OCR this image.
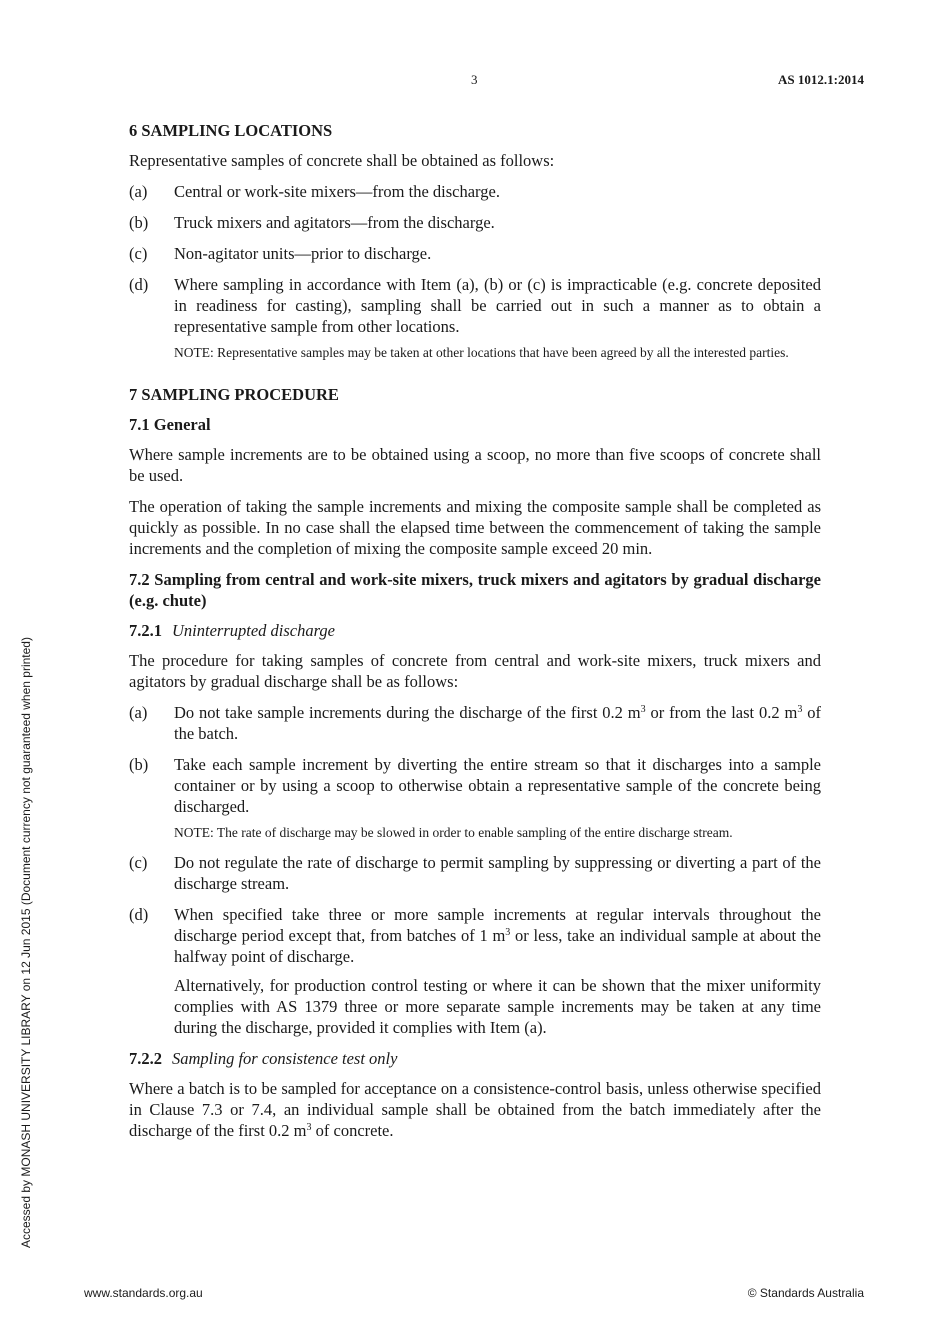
3	AS 1012.1:2014
6 SAMPLING LOCATIONS

Representative samples of concrete shall be obtained as follows:

(a)	Central or work-site mixers—from the discharge.
(b)	Truck mixers and agitators—from the discharge.
(c)	Non-agitator units—prior to discharge.
(d)	Where sampling in accordance with Item (a), (b) or (c) is impracticable (e.g. concrete deposited in readiness for casting), sampling shall be carried out in such a manner as to obtain a representative sample from other locations.
NOTE: Representative samples may be taken at other locations that have been agreed by all the interested parties.
7 SAMPLING PROCEDURE
7.1 General

Where sample increments are to be obtained using a scoop, no more than five scoops of concrete shall be used.

The operation of taking the sample increments and mixing the composite sample shall be completed as quickly as possible. In no case shall the elapsed time between the commencement of taking the sample increments and the completion of mixing the composite sample exceed 20 min.

7.2 Sampling from central and work-site mixers, truck mixers and agitators by gradual discharge (e.g. chute)
7.2.1 Uninterrupted discharge

The procedure for taking samples of concrete from central and work-site mixers, truck mixers and agitators by gradual discharge shall be as follows:

(a)	Do not take sample increments during the discharge of the first 0.2 $m^3$ or from the last 0.2 $m^3$ of the batch.
(b)	Take each sample increment by diverting the entire stream so that it discharges into a sample container or by using a scoop to otherwise obtain a representative sample of the concrete being discharged.
NOTE: The rate of discharge may be slowed in order to enable sampling of the entire discharge stream.
(c)	Do not regulate the rate of discharge to permit sampling by suppressing or diverting a part of the discharge stream.
(d)	When specified take three or more sample increments at regular intervals throughout the discharge period except that, from batches of 1 $m^3$ or less, take an individual sample at about the halfway point of discharge.
Alternatively, for production control testing or where it can be shown that the mixer uniformity complies with AS 1379 three or more separate sample increments may be taken at any time during the discharge, provided it complies with Item (a).
7.2.2 Sampling for consistence test only

Where a batch is to be sampled for acceptance on a consistence-control basis, unless otherwise specified in Clause 7.3 or 7.4, an individual sample shall be obtained from the batch immediately after the discharge of the first 0.2 $m^3$ of concrete.

Accessed by MONASH UNIVERSITY LIBRARY on 12 Jun 2015 (Document currency not guaranteed when printed)
www.standards.org.au	© Standards Australia
